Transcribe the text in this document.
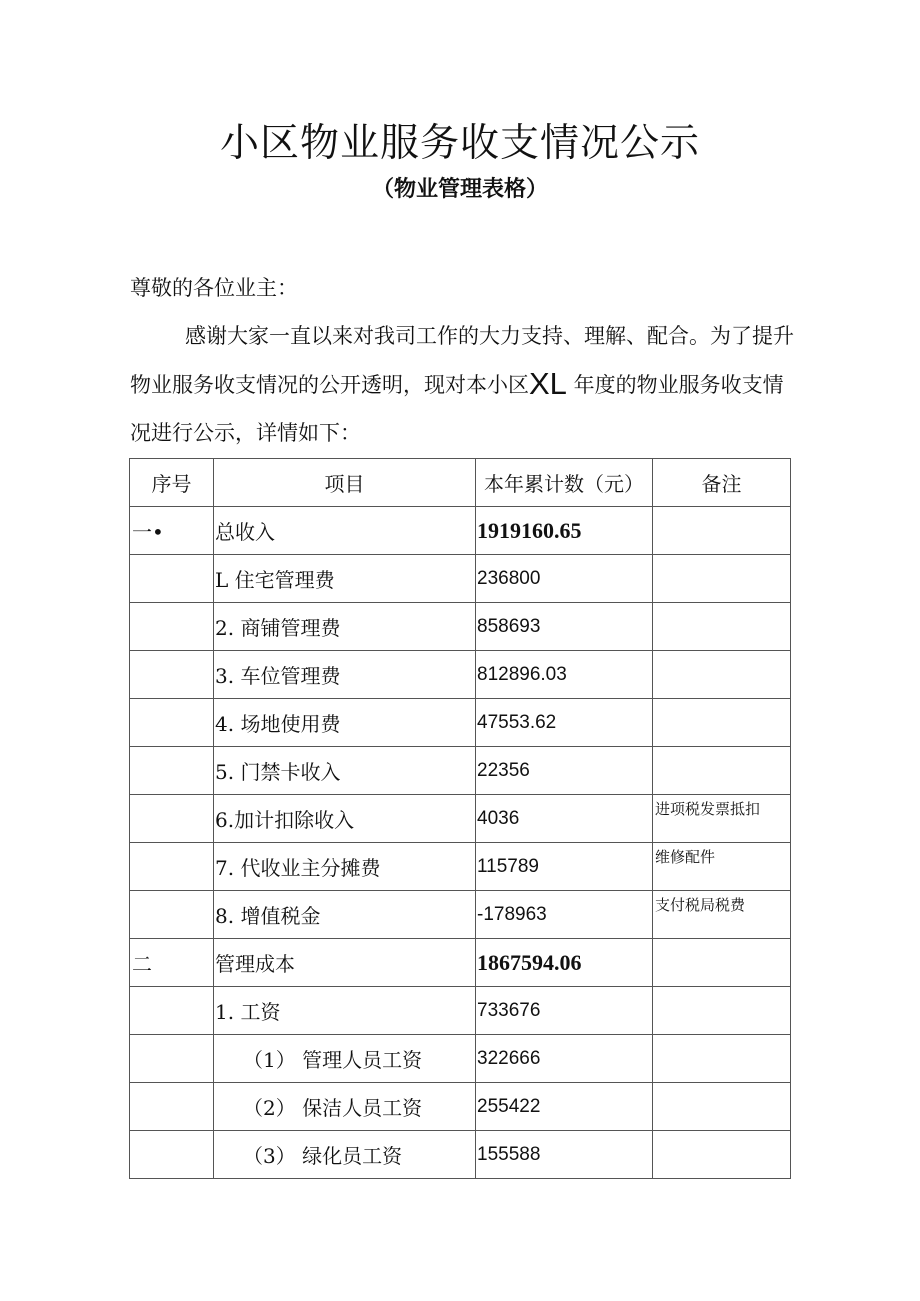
小区物业服务收支情况公示

（物业管理表格）

尊敬的各位业主：

感谢大家一直以来对我司工作的大力支持、理解、配合。为了提升物业服务收支情况的公开透明，现对本小区XL 年度的物业服务收支情况进行公示，详情如下：

序号	项目	本年累计数（元）	备注
一•	总收入	1919160.65	
	L 住宅管理费	236800	
	2. 商铺管理费	858693	
	3. 车位管理费	812896.03	
	4. 场地使用费	47553.62	
	5. 门禁卡收入	22356	
	6.加计扣除收入	4036	进项税发票抵扣
	7. 代收业主分摊费	115789	维修配件
	8. 增值税金	-178963	支付税局税费
二	管理成本	1867594.06	
	1. 工资	733676	
	（1） 管理人员工资	322666	
	（2） 保洁人员工资	255422	
	（3） 绿化员工资	155588	
